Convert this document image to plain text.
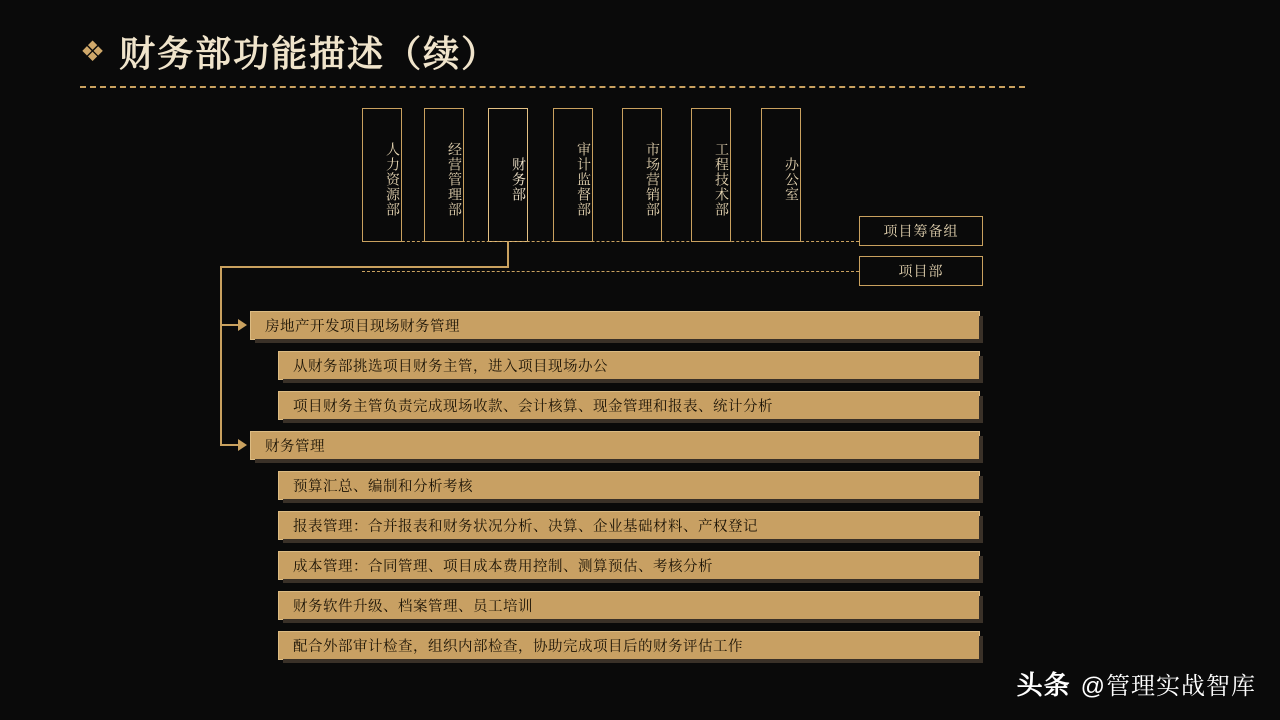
❖ 财务部功能描述（续）
人力资源部	经营管理部	财务部	审计监督部	市场营销部	工程技术部	办公室
项目筹备组
项目部
房地产开发项目现场财务管理
从财务部挑选项目财务主管，进入项目现场办公
项目财务主管负责完成现场收款、会计核算、现金管理和报表、统计分析
财务管理
预算汇总、编制和分析考核
报表管理：合并报表和财务状况分析、决算、企业基础材料、产权登记
成本管理：合同管理、项目成本费用控制、测算预估、考核分析
财务软件升级、档案管理、员工培训
配合外部审计检查，组织内部检查，协助完成项目后的财务评估工作
头条 @管理实战智库
